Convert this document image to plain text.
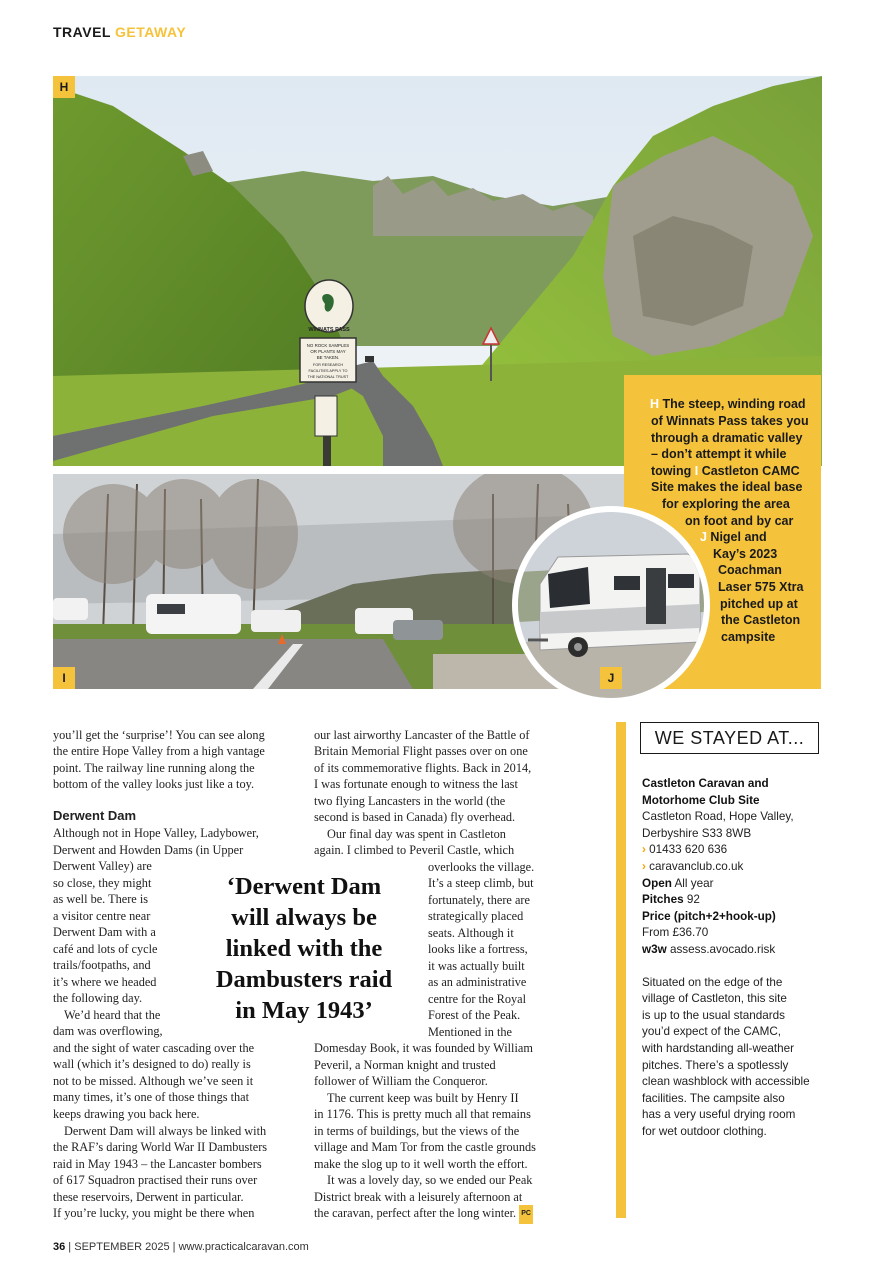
TRAVEL GETAWAY
WINNATS PASS
NO ROCK SAMPLES
OR PLANTS MAY
BE TAKEN.
FOR RESEARCH
FACILITIES APPLY TO
THE NATIONAL TRUST
H
I	J
H The steep, winding road
of Winnats Pass takes you
through a dramatic valley
– don’t attempt it while
towing I Castleton CAMC
Site makes the ideal base
for exploring the area
on foot and by car
J Nigel and
Kay’s 2023
Coachman
Laser 575 Xtra
pitched up at
the Castleton
campsite
you’ll get the ‘surprise’! You can see along
the entire Hope Valley from a high vantage
point. The railway line running along the
bottom of the valley looks just like a toy.
Derwent Dam
Although not in Hope Valley, Ladybower,
Derwent and Howden Dams (in Upper
Derwent Valley) are
so close, they might
as well be. There is
a visitor centre near
Derwent Dam with a
café and lots of cycle
trails/footpaths, and
it’s where we headed
the following day.
We’d heard that the
dam was overflowing,
and the sight of water cascading over the
wall (which it’s designed to do) really is
not to be missed. Although we’ve seen it
many times, it’s one of those things that
keeps drawing you back here.
Derwent Dam will always be linked with
the RAF’s daring World War II Dambusters
raid in May 1943 – the Lancaster bombers
of 617 Squadron practised their runs over
these reservoirs, Derwent in particular.
If you’re lucky, you might be there when
‘Derwent Dam
will always be
linked with the
Dambusters raid
in May 1943’
our last airworthy Lancaster of the Battle of
Britain Memorial Flight passes over on one
of its commemorative flights. Back in 2014,
I was fortunate enough to witness the last
two flying Lancasters in the world (the
second is based in Canada) fly overhead.
Our final day was spent in Castleton
again. I climbed to Peveril Castle, which
overlooks the village.
It’s a steep climb, but
fortunately, there are
strategically placed
seats. Although it
looks like a fortress,
it was actually built
as an administrative
centre for the Royal
Forest of the Peak.
Mentioned in the
Domesday Book, it was founded by William
Peveril, a Norman knight and trusted
follower of William the Conqueror.
The current keep was built by Henry II
in 1176. This is pretty much all that remains
in terms of buildings, but the views of the
village and Mam Tor from the castle grounds
make the slog up to it well worth the effort.
It was a lovely day, so we ended our Peak
District break with a leisurely afternoon at
the caravan, perfect after the long winter. PC
WE STAYED AT...
Castleton Caravan and
Motorhome Club Site
Castleton Road, Hope Valley,
Derbyshire S33 8WB
› 01433 620 636
› caravanclub.co.uk
Open All year
Pitches 92
Price (pitch+2+hook-up)
From £36.70
w3w assess.avocado.risk
Situated on the edge of the
village of Castleton, this site
is up to the usual standards
you’d expect of the CAMC,
with hardstanding all-weather
pitches. There’s a spotlessly
clean washblock with accessible
facilities. The campsite also
has a very useful drying room
for wet outdoor clothing.
36 | SEPTEMBER 2025 | www.practicalcaravan.com
